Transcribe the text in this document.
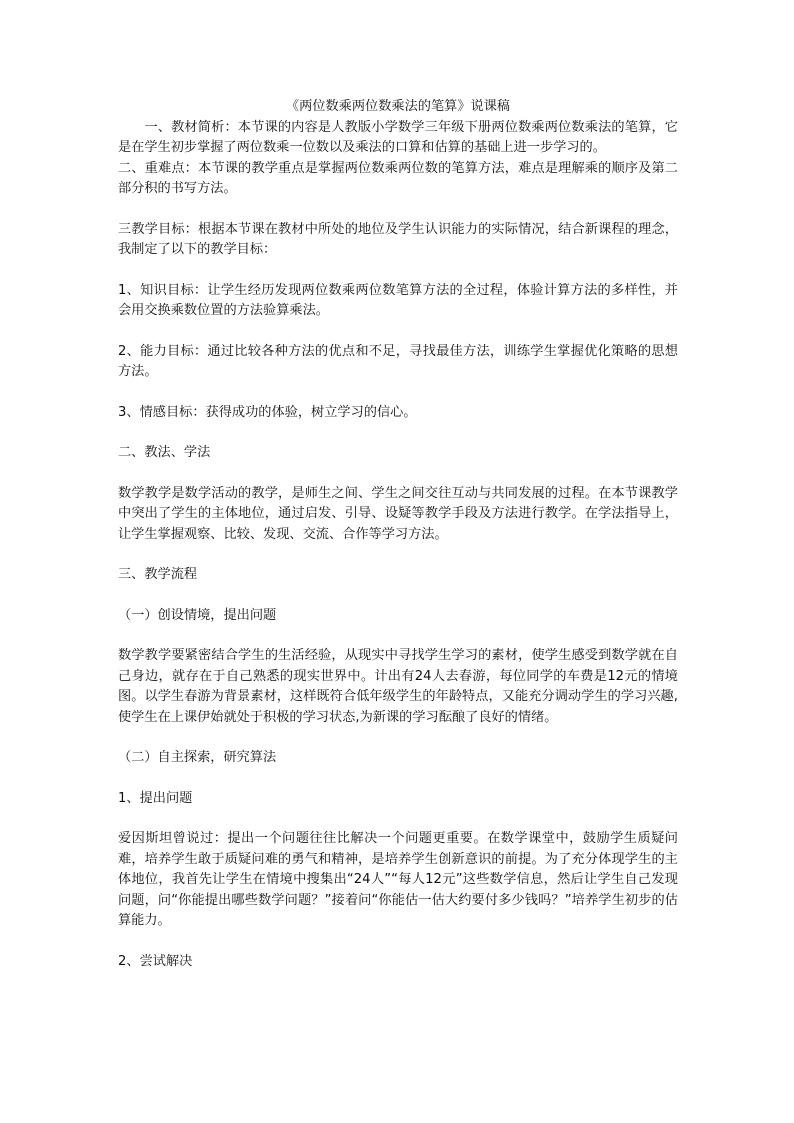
《两位数乘两位数乘法的笔算》说课稿

一、教材简析：本节课的内容是人教版小学数学三年级下册两位数乘两位数乘法的笔算，它是在学生初步掌握了两位数乘一位数以及乘法的口算和估算的基础上进一步学习的。

二、重难点：本节课的教学重点是掌握两位数乘两位数的笔算方法，难点是理解乘的顺序及第二部分积的书写方法。

三教学目标：根据本节课在教材中所处的地位及学生认识能力的实际情况，结合新课程的理念，我制定了以下的教学目标：

1、知识目标：让学生经历发现两位数乘两位数笔算方法的全过程，体验计算方法的多样性，并会用交换乘数位置的方法验算乘法。

2、能力目标：通过比较各种方法的优点和不足，寻找最佳方法，训练学生掌握优化策略的思想方法。

3、情感目标：获得成功的体验，树立学习的信心。

二、教法、学法

数学教学是数学活动的教学，是师生之间、学生之间交往互动与共同发展的过程。在本节课教学中突出了学生的主体地位，通过启发、引导、设疑等教学手段及方法进行教学。在学法指导上，让学生掌握观察、比较、发现、交流、合作等学习方法。

三、教学流程

（一）创设情境，提出问题

数学教学要紧密结合学生的生活经验，从现实中寻找学生学习的素材，使学生感受到数学就在自己身边，就存在于自己熟悉的现实世界中。计出有24人去春游，每位同学的车费是12元的情境图。以学生春游为背景素材，这样既符合低年级学生的年龄特点，又能充分调动学生的学习兴趣,使学生在上课伊始就处于积极的学习状态,为新课的学习酝酿了良好的情绪。

（二）自主探索，研究算法

1、提出问题

爱因斯坦曾说过：提出一个问题往往比解决一个问题更重要。在数学课堂中，鼓励学生质疑问难，培养学生敢于质疑问难的勇气和精神，是培养学生创新意识的前提。为了充分体现学生的主体地位，我首先让学生在情境中搜集出“24人”“每人12元”这些数学信息，然后让学生自己发现问题，问“你能提出哪些数学问题？”接着问“你能估一估大约要付多少钱吗？”培养学生初步的估算能力。

2、尝试解决
